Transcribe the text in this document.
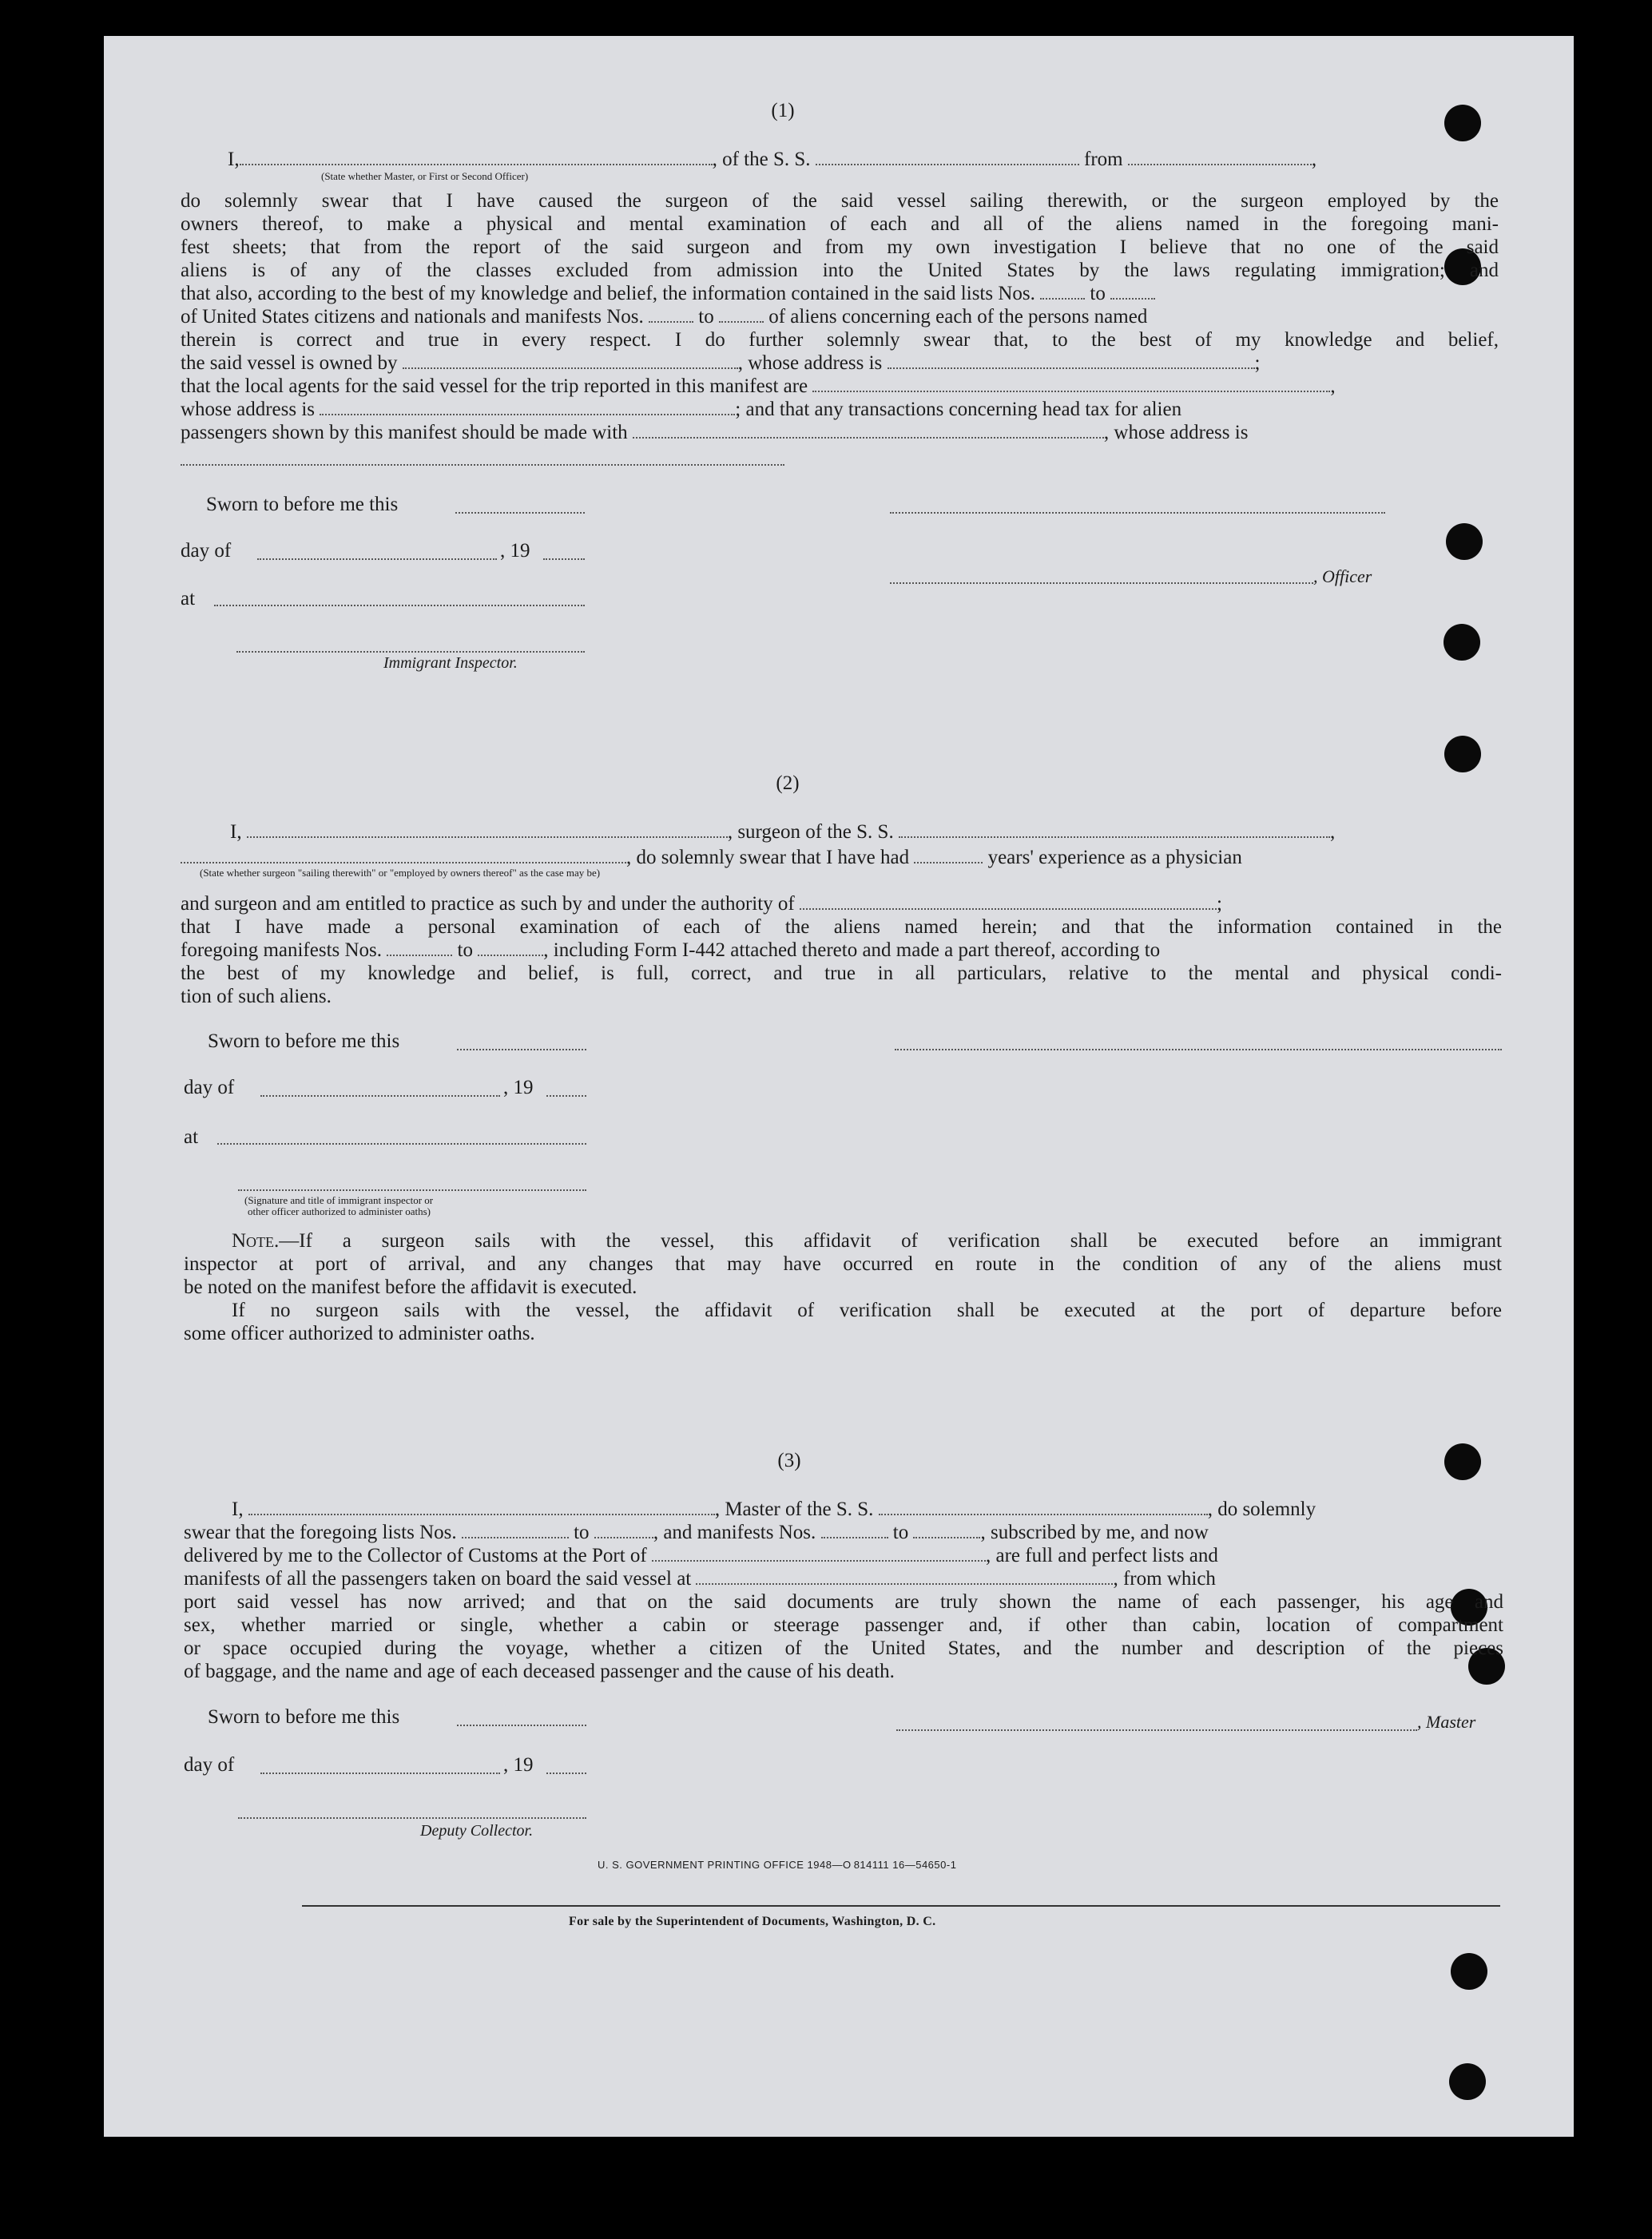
(1)
I,	, of the S. S.	from	,
(State whether Master, or First or Second Officer)
do solemnly swear that I have caused the surgeon of the said vessel sailing therewith, or the surgeon employed by the
owners thereof, to make a physical and mental examination of each and all of the aliens named in the foregoing mani-
fest sheets; that from the report of the said surgeon and from my own investigation I believe that no one of the said
aliens is of any of the classes excluded from admission into the United States by the laws regulating immigration; and
that also, according to the best of my knowledge and belief, the information contained in the said lists Nos.	to
of United States citizens and nationals and manifests Nos.	to	of aliens concerning each of the persons named
therein is correct and true in every respect. I do further solemnly swear that, to the best of my knowledge and belief,
the said vessel is owned by	, whose address is	;
that the local agents for the said vessel for the trip reported in this manifest are	,
whose address is	; and that any transactions concerning head tax for alien
passengers shown by this manifest should be made with	, whose address is
Sworn to before me this
day of	, 19
, Officer
at
Immigrant Inspector.
(2)
I,	, surgeon of the S. S.	,
, do solemnly swear that I have had	years' experience as a physician
(State whether surgeon "sailing therewith" or "employed by owners thereof" as the case may be)
and surgeon and am entitled to practice as such by and under the authority of	;
that I have made a personal examination of each of the aliens named herein; and that the information contained in the
foregoing manifests Nos.	to	, including Form I-442 attached thereto and made a part thereof, according to
the best of my knowledge and belief, is full, correct, and true in all particulars, relative to the mental and physical condi-
tion of such aliens.
Sworn to before me this
day of	, 19
at
(Signature and title of immigrant inspector or
other officer authorized to administer oaths)
Note.—If a surgeon sails with the vessel, this affidavit of verification shall be executed before an immigrant
inspector at port of arrival, and any changes that may have occurred en route in the condition of any of the aliens must
be noted on the manifest before the affidavit is executed.
If no surgeon sails with the vessel, the affidavit of verification shall be executed at the port of departure before
some officer authorized to administer oaths.
(3)
I,	, Master of the S. S.	, do solemnly
swear that the foregoing lists Nos.	to	, and manifests Nos.	to	, subscribed by me, and now
delivered by me to the Collector of Customs at the Port of	, are full and perfect lists and
manifests of all the passengers taken on board the said vessel at	, from which
port said vessel has now arrived; and that on the said documents are truly shown the name of each passenger, his age and
sex, whether married or single, whether a cabin or steerage passenger and, if other than cabin, location of compartment
or space occupied during the voyage, whether a citizen of the United States, and the number and description of the pieces
of baggage, and the name and age of each deceased passenger and the cause of his death.
Sworn to before me this	, Master
day of	, 19
Deputy Collector.
U. S. GOVERNMENT PRINTING OFFICE 1948—O 814111 16—54650-1
For sale by the Superintendent of Documents, Washington, D. C.
